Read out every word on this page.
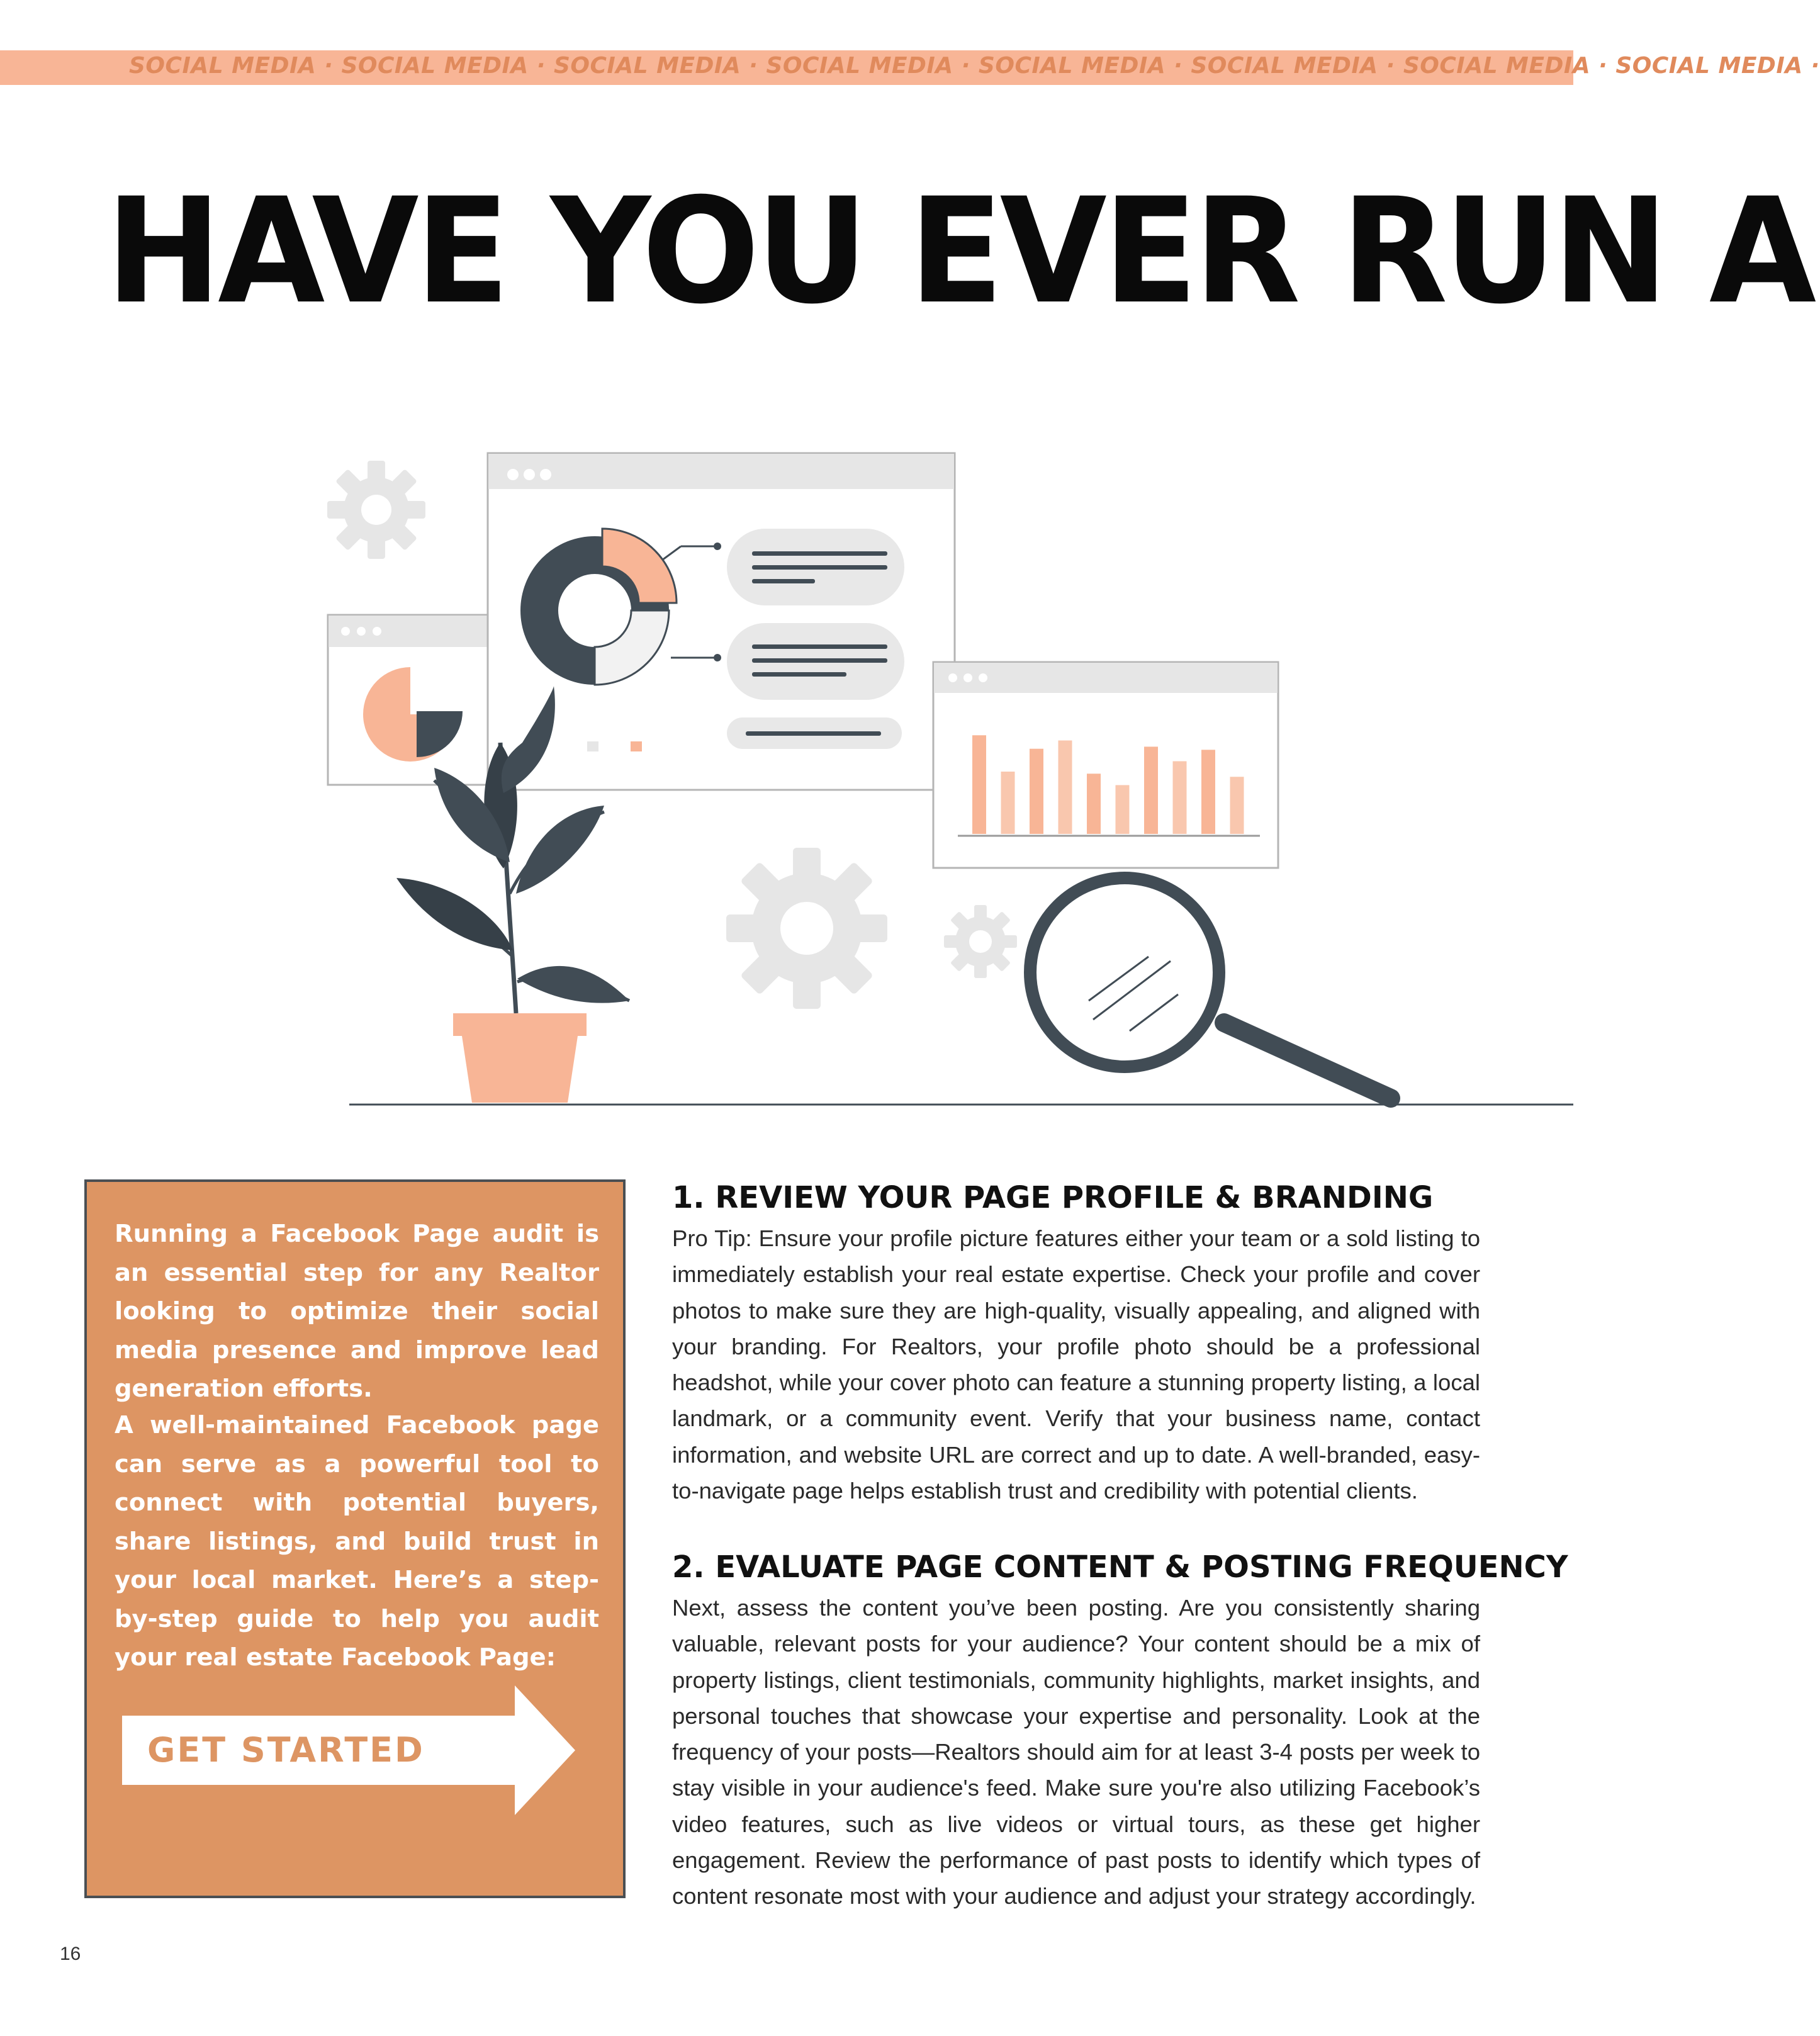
SOCIAL MEDIA · SOCIAL MEDIA · SOCIAL MEDIA · SOCIAL MEDIA · SOCIAL MEDIA · SOCIAL MEDIA · SOCIAL MEDIA · SOCIAL MEDIA ·
HAVE YOU EVER RUN A

Running a Facebook Page audit is an essential step for any Realtor looking to optimize their social media presence and improve lead generation efforts.

A well-maintained Facebook page can serve as a powerful tool to connect with potential buyers, share listings, and build trust in your local market. Here’s a step-by-step guide to help you audit your real estate Facebook Page:

GET STARTED
1. REVIEW YOUR PAGE PROFILE & BRANDING

Pro Tip: Ensure your profile picture features either your team or a sold listing to immediately establish your real estate expertise. Check your profile and cover photos to make sure they are high-quality, visually appealing, and aligned with your branding. For Realtors, your profile photo should be a professional headshot, while your cover photo can feature a stunning property listing, a local landmark, or a community event. Verify that your business name, contact information, and website URL are correct and up to date. A well-branded, easy-to-navigate page helps establish trust and credibility with potential clients.

2. EVALUATE PAGE CONTENT & POSTING FREQUENCY

Next, assess the content you’ve been posting. Are you consistently sharing valuable, relevant posts for your audience? Your content should be a mix of property listings, client testimonials, community highlights, market insights, and personal touches that showcase your expertise and personality. Look at the frequency of your posts—Realtors should aim for at least 3-4 posts per week to stay visible in your audience's feed. Make sure you're also utilizing Facebook’s video features, such as live videos or virtual tours, as these get higher engagement. Review the performance of past posts to identify which types of content resonate most with your audience and adjust your strategy accordingly.

16
